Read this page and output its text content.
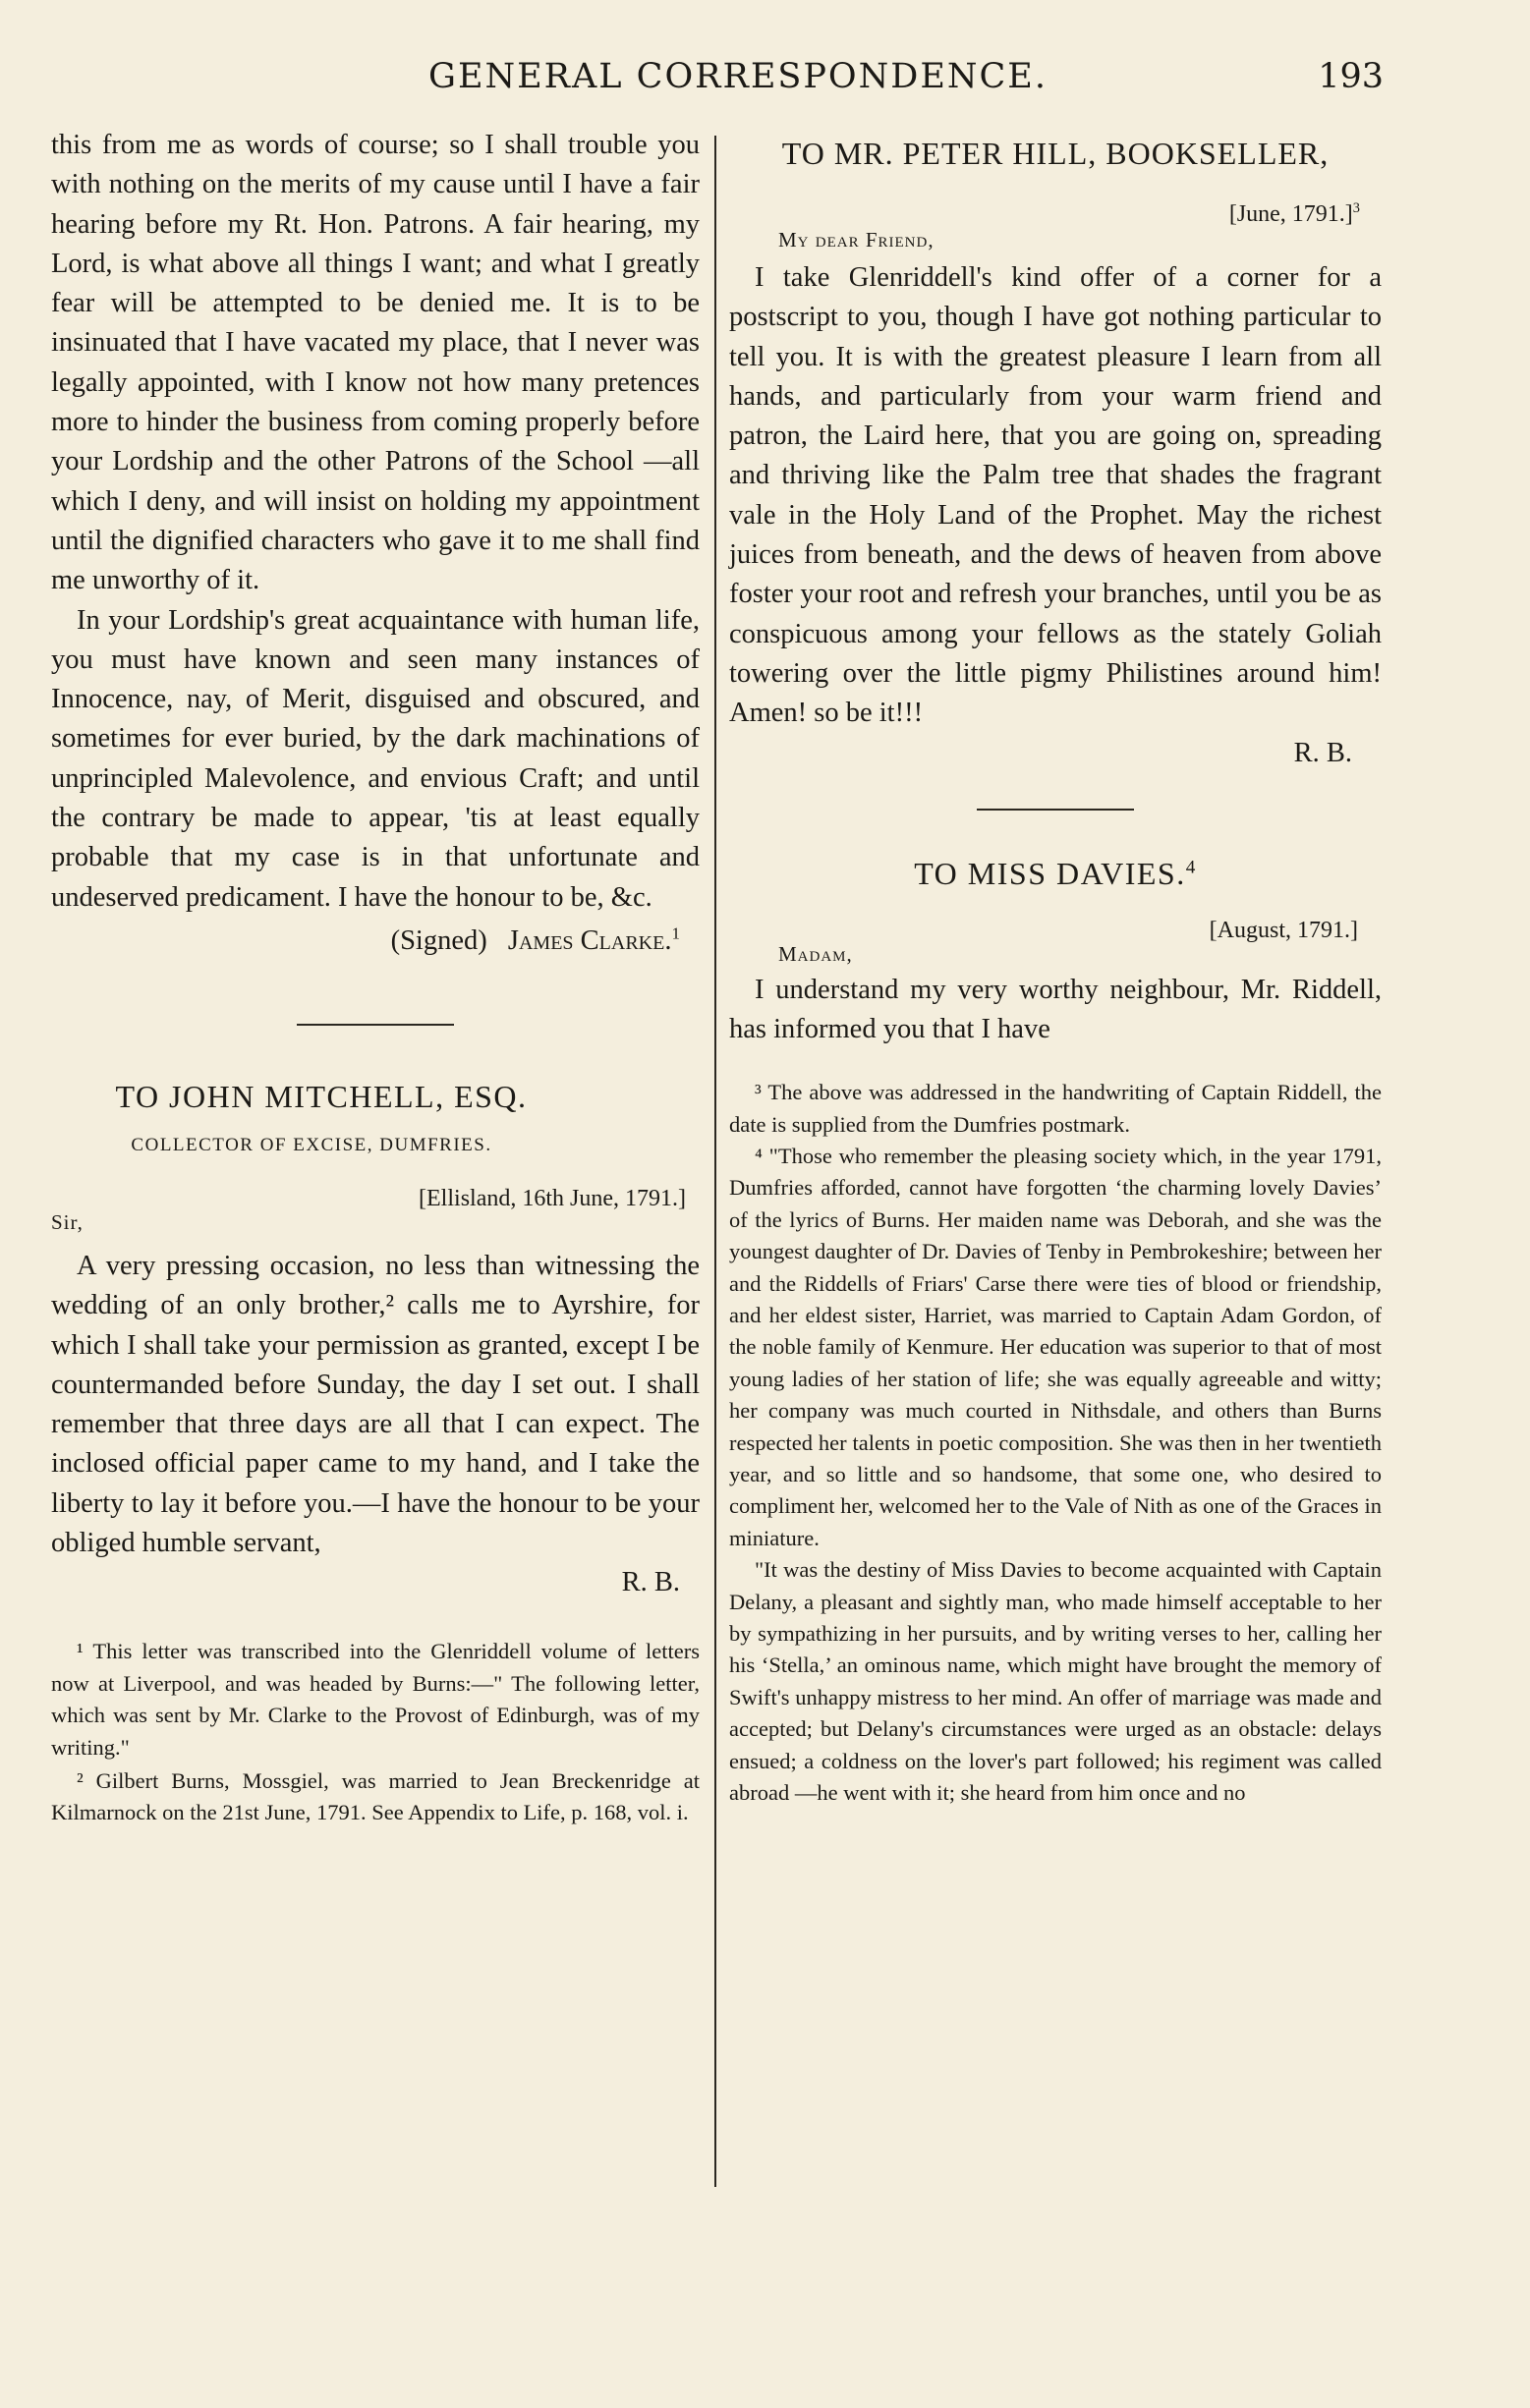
GENERAL CORRESPONDENCE.	193

this from me as words of course; so I shall trouble you with nothing on the merits of my cause until I have a fair hearing before my Rt. Hon. Patrons. A fair hearing, my Lord, is what above all things I want; and what I greatly fear will be attempted to be denied me. It is to be insinuated that I have vacated my place, that I never was legally appointed, with I know not how many pretences more to hinder the business from coming properly before your Lordship and the other Patrons of the School —all which I deny, and will insist on holding my appointment until the dignified characters who gave it to me shall find me unworthy of it.

In your Lordship's great acquaintance with human life, you must have known and seen many instances of Innocence, nay, of Merit, disguised and obscured, and sometimes for ever buried, by the dark machinations of unprincipled Malevolence, and envious Craft; and until the contrary be made to appear, 'tis at least equally probable that my case is in that unfortunate and undeserved predicament. I have the honour to be, &c.

(Signed) James Clarke.$^1$

TO JOHN MITCHELL, ESQ.

COLLECTOR OF EXCISE, DUMFRIES.

[Ellisland, 16th June, 1791.]

Sir,

A very pressing occasion, no less than witnessing the wedding of an only brother,² calls me to Ayrshire, for which I shall take your permission as granted, except I be countermanded before Sunday, the day I set out. I shall remember that three days are all that I can expect. The inclosed official paper came to my hand, and I take the liberty to lay it before you.—I have the honour to be your obliged humble servant,

R. B.

¹ This letter was transcribed into the Glenriddell volume of letters now at Liverpool, and was headed by Burns:—" The following letter, which was sent by Mr. Clarke to the Provost of Edinburgh, was of my writing."

² Gilbert Burns, Mossgiel, was married to Jean Breckenridge at Kilmarnock on the 21st June, 1791. See Appendix to Life, p. 168, vol. i.

TO MR. PETER HILL, BOOKSELLER,

[June, 1791.]$^3$

My dear Friend,

I take Glenriddell's kind offer of a corner for a postscript to you, though I have got nothing particular to tell you. It is with the greatest pleasure I learn from all hands, and particularly from your warm friend and patron, the Laird here, that you are going on, spreading and thriving like the Palm tree that shades the fragrant vale in the Holy Land of the Prophet. May the richest juices from beneath, and the dews of heaven from above foster your root and refresh your branches, until you be as conspicuous among your fellows as the stately Goliah towering over the little pigmy Philistines around him! Amen! so be it!!!

R. B.

TO MISS DAVIES.$^4$

[August, 1791.]

Madam,

I understand my very worthy neighbour, Mr. Riddell, has informed you that I have

³ The above was addressed in the handwriting of Captain Riddell, the date is supplied from the Dumfries postmark.

⁴ "Those who remember the pleasing society which, in the year 1791, Dumfries afforded, cannot have forgotten ‘the charming lovely Davies’ of the lyrics of Burns. Her maiden name was Deborah, and she was the youngest daughter of Dr. Davies of Tenby in Pembrokeshire; between her and the Riddells of Friars' Carse there were ties of blood or friendship, and her eldest sister, Harriet, was married to Captain Adam Gordon, of the noble family of Kenmure. Her education was superior to that of most young ladies of her station of life; she was equally agreeable and witty; her company was much courted in Nithsdale, and others than Burns respected her talents in poetic composition. She was then in her twentieth year, and so little and so handsome, that some one, who desired to compliment her, welcomed her to the Vale of Nith as one of the Graces in miniature.

"It was the destiny of Miss Davies to become acquainted with Captain Delany, a pleasant and sightly man, who made himself acceptable to her by sympathizing in her pursuits, and by writing verses to her, calling her his ‘Stella,’ an ominous name, which might have brought the memory of Swift's unhappy mistress to her mind. An offer of marriage was made and accepted; but Delany's circumstances were urged as an obstacle: delays ensued; a coldness on the lover's part followed; his regiment was called abroad —he went with it; she heard from him once and no
